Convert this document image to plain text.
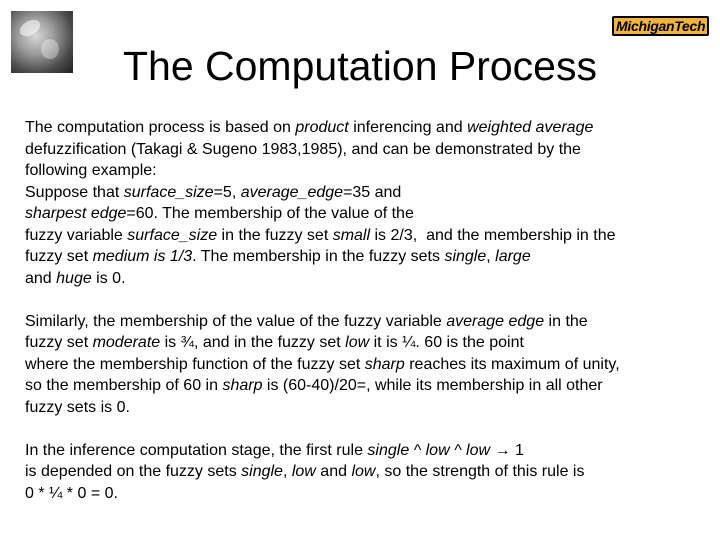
MichiganTech
The Computation Process

The computation process is based on product inferencing and weighted average
defuzzification (Takagi & Sugeno 1983,1985), and can be demonstrated by the
following example:
Suppose that surface_size=5, average_edge=35 and
sharpest edge=60. The membership of the value of the
fuzzy variable surface_size in the fuzzy set small is 2/3,  and the membership in the
fuzzy set medium is 1/3. The membership in the fuzzy sets single, large
and huge is 0.

Similarly, the membership of the value of the fuzzy variable average edge in the
fuzzy set moderate is ¾, and in the fuzzy set low it is ¼. 60 is the point
where the membership function of the fuzzy set sharp reaches its maximum of unity,
so the membership of 60 in sharp is (60-40)/20=, while its membership in all other
fuzzy sets is 0.

In the inference computation stage, the first rule single ^ low ^ low → 1
is depended on the fuzzy sets single, low and low, so the strength of this rule is
0 * ¼ * 0 = 0.
